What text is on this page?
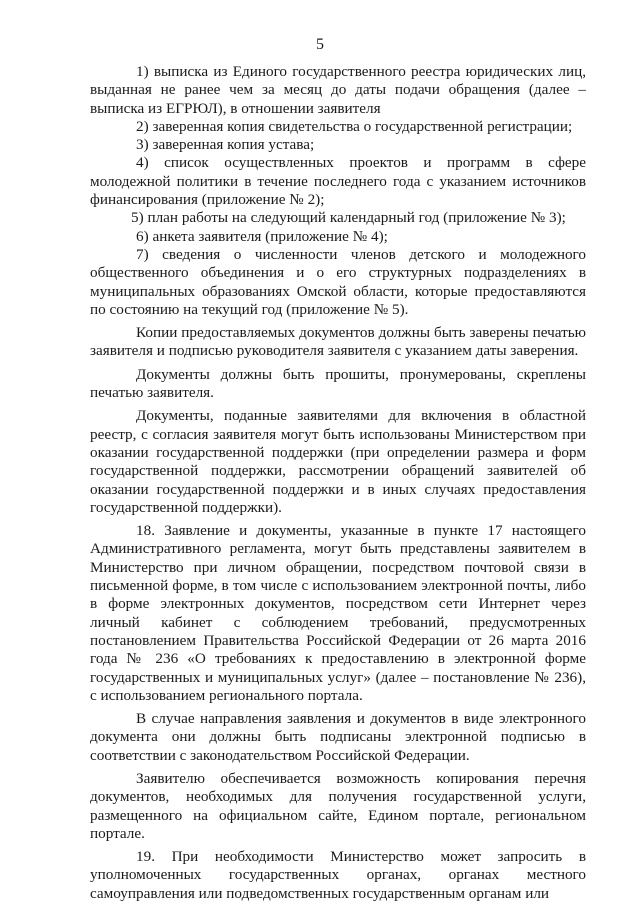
5

1) выписка из Единого государственного реестра юридических лиц, выданная не ранее чем за месяц до даты подачи обращения (далее – выписка из ЕГРЮЛ), в отношении заявителя

2) заверенная копия свидетельства о государственной регистрации;

3) заверенная копия устава;

4) список осуществленных проектов и программ в сфере молодежной политики в течение последнего года с указанием источников финансирования (приложение № 2);

5) план работы на следующий календарный год (приложение № 3);

6) анкета заявителя (приложение № 4);

7) сведения о численности членов детского и молодежного общественного объединения и о его структурных подразделениях в муниципальных образованиях Омской области, которые предоставляются по состоянию на текущий год (приложение № 5).

Копии предоставляемых документов должны быть заверены печатью заявителя и подписью руководителя заявителя с указанием даты заверения.

Документы должны быть прошиты, пронумерованы, скреплены печатью заявителя.

Документы, поданные заявителями для включения в областной реестр, с согласия заявителя могут быть использованы Министерством при оказании государственной поддержки (при определении размера и форм государственной поддержки, рассмотрении обращений заявителей об оказании государственной поддержки и в иных случаях предоставления государственной поддержки).

18. Заявление и документы, указанные в пункте 17 настоящего Административного регламента, могут быть представлены заявителем в Министерство при личном обращении, посредством почтовой связи в письменной форме, в том числе с использованием электронной почты, либо в форме электронных документов, посредством сети Интернет через личный кабинет с соблюдением требований, предусмотренных постановлением Правительства Российской Федерации от 26 марта 2016 года № 236 «О требованиях к предоставлению в электронной форме государственных и муниципальных услуг» (далее – постановление № 236), с использованием регионального портала.

В случае направления заявления и документов в виде электронного документа они должны быть подписаны электронной подписью в соответствии с законодательством Российской Федерации.

Заявителю обеспечивается возможность копирования перечня документов, необходимых для получения государственной услуги, размещенного на официальном сайте, Едином портале, региональном портале.

19. При необходимости Министерство может запросить в уполномоченных государственных органах, органах местного самоуправления или подведомственных государственным органам или
